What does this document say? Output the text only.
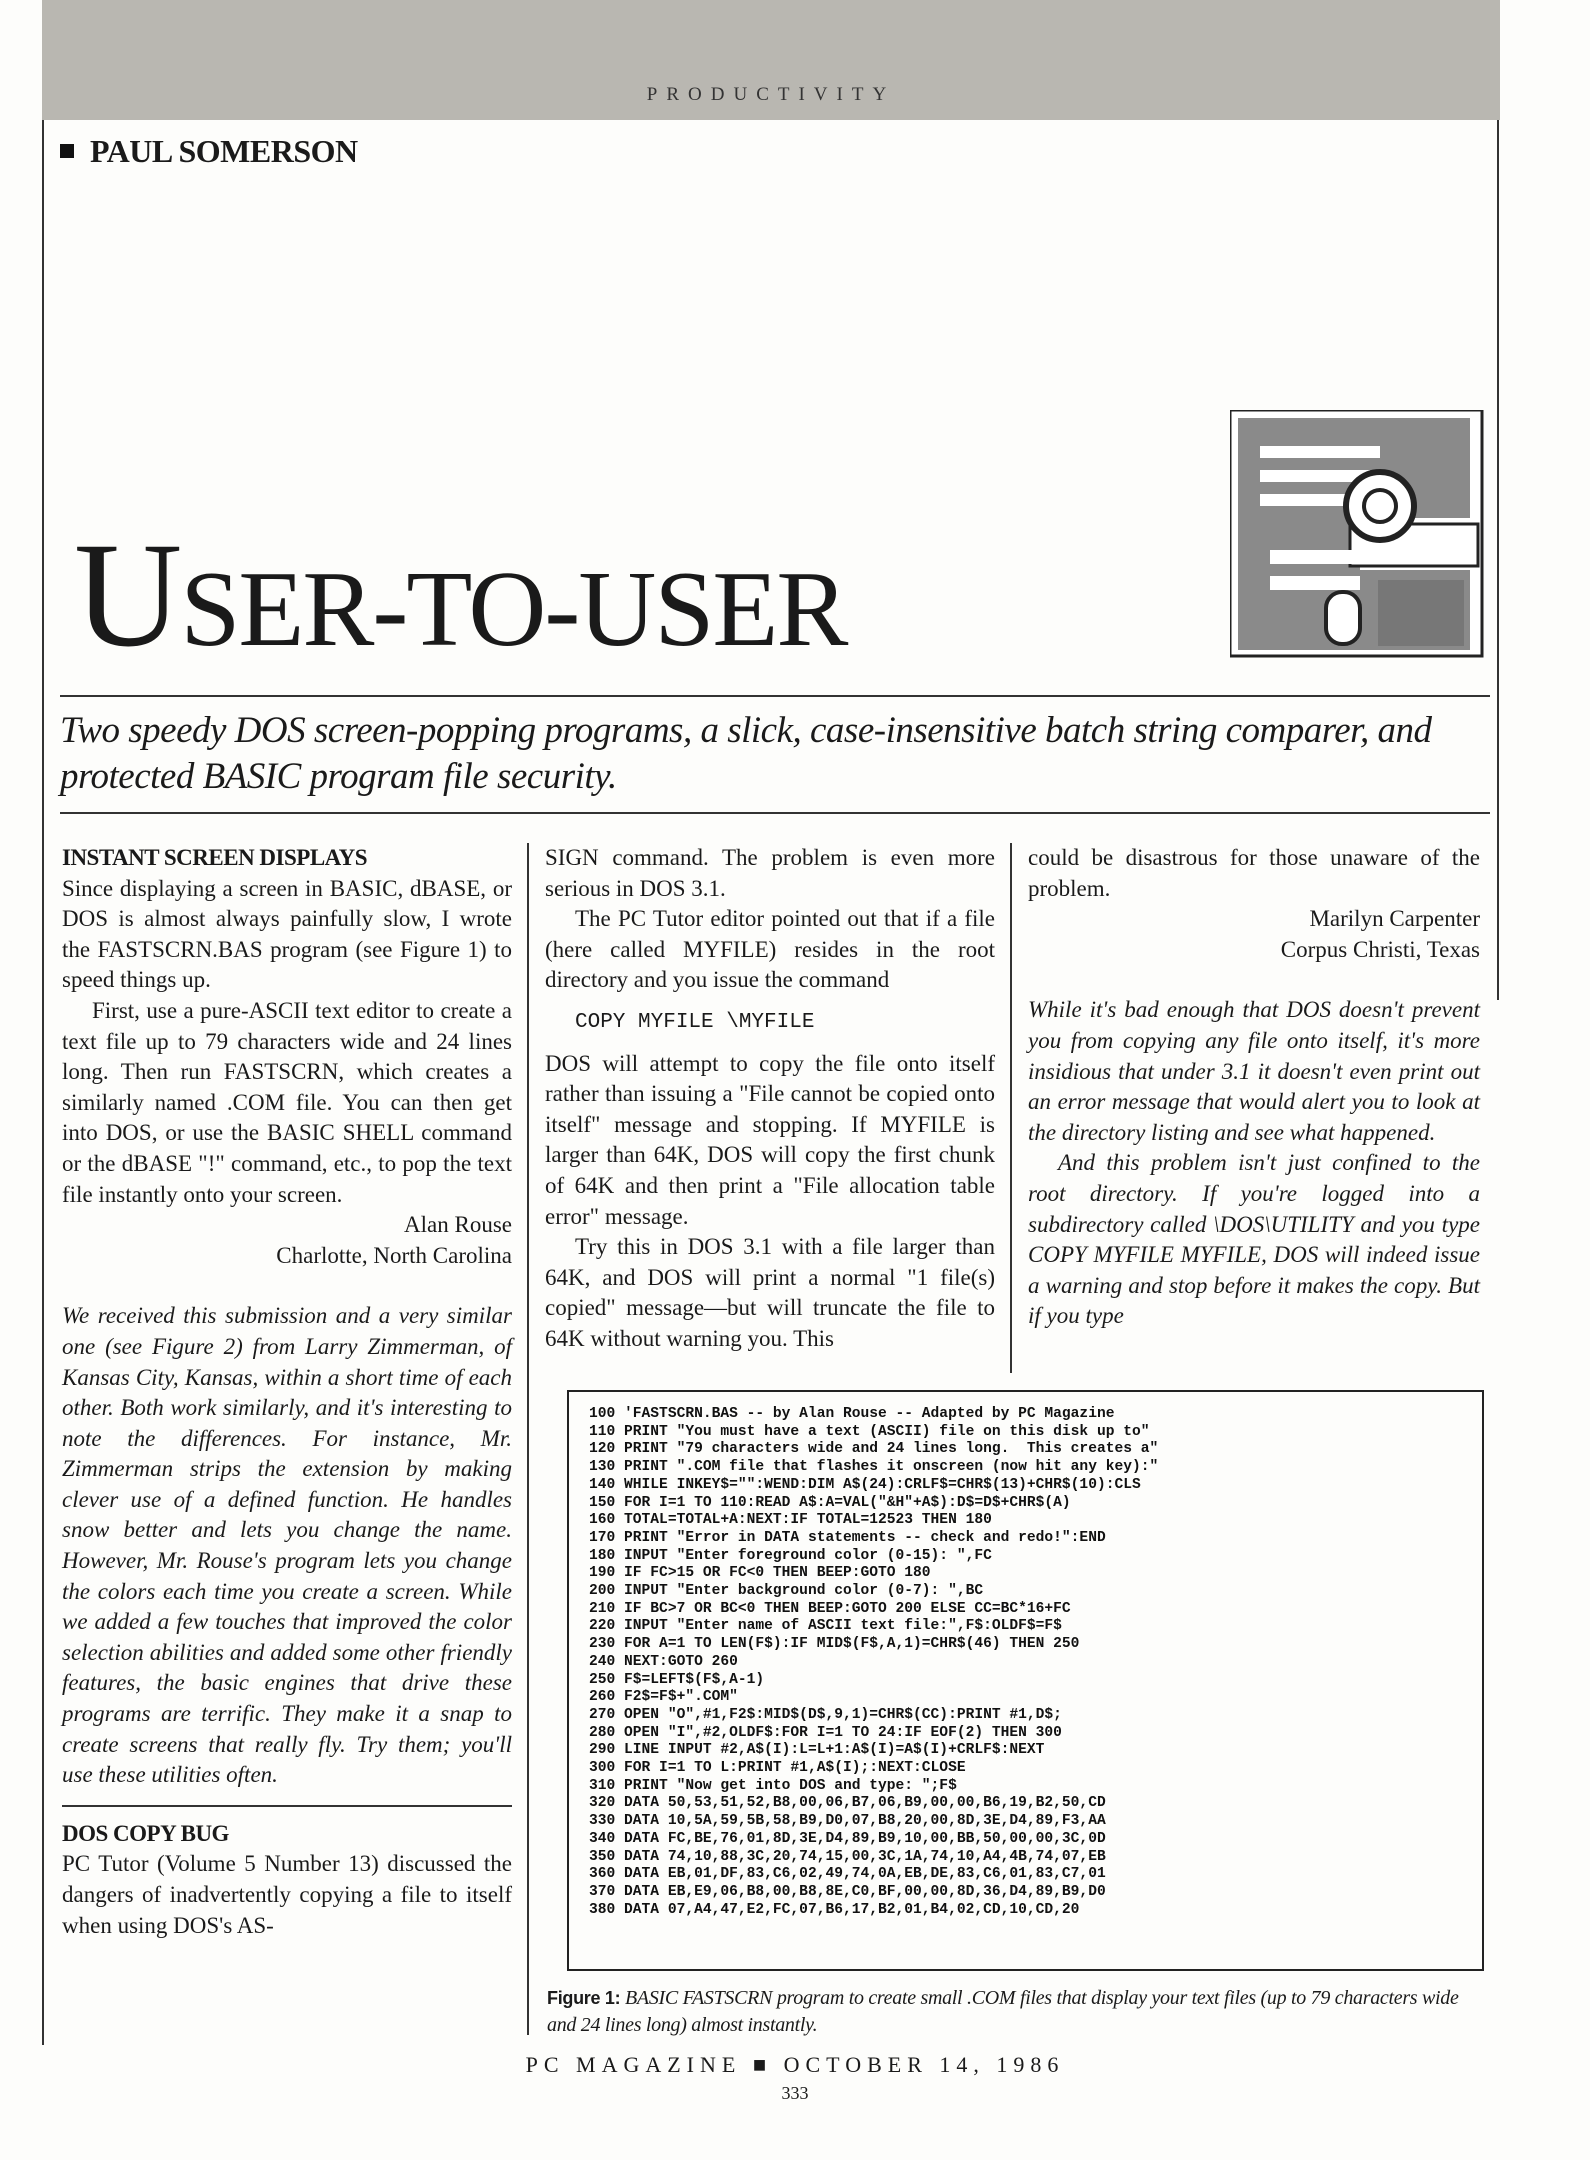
PRODUCTIVITY
PAUL SOMERSON
USER-TO-USER
Two speedy DOS screen-popping programs, a slick, case-insensitive batch string comparer, and protected BASIC program file security.
INSTANT SCREEN DISPLAYS

Since displaying a screen in BASIC, dBASE, or DOS is almost always painfully slow, I wrote the FASTSCRN.BAS program (see Figure 1) to speed things up.

First, use a pure-ASCII text editor to create a text file up to 79 characters wide and 24 lines long. Then run FASTSCRN, which creates a similarly named .COM file. You can then get into DOS, or use the BASIC SHELL command or the dBASE "!" command, etc., to pop the text file instantly onto your screen.

Alan Rouse

Charlotte, North Carolina

We received this submission and a very similar one (see Figure 2) from Larry Zimmerman, of Kansas City, Kansas, within a short time of each other. Both work similarly, and it's interesting to note the differences. For instance, Mr. Zimmerman strips the extension by making clever use of a defined function. He handles snow better and lets you change the name. However, Mr. Rouse's program lets you change the colors each time you create a screen. While we added a few touches that improved the color selection abilities and added some other friendly features, the basic engines that drive these programs are terrific. They make it a snap to create screens that really fly. Try them; you'll use these utilities often.

DOS COPY BUG

PC Tutor (Volume 5 Number 13) discussed the dangers of inadvertently copying a file to itself when using DOS's AS-

SIGN command. The problem is even more serious in DOS 3.1.

The PC Tutor editor pointed out that if a file (here called MYFILE) resides in the root directory and you issue the command

COPY MYFILE \MYFILE

DOS will attempt to copy the file onto itself rather than issuing a "File cannot be copied onto itself" message and stopping. If MYFILE is larger than 64K, DOS will copy the first chunk of 64K and then print a "File allocation table error" message.

Try this in DOS 3.1 with a file larger than 64K, and DOS will print a normal "1 file(s) copied" message—but will truncate the file to 64K without warning you. This

could be disastrous for those unaware of the problem.

Marilyn Carpenter

Corpus Christi, Texas

While it's bad enough that DOS doesn't prevent you from copying any file onto itself, it's more insidious that under 3.1 it doesn't even print out an error message that would alert you to look at the directory listing and see what happened.

And this problem isn't just confined to the root directory. If you're logged into a subdirectory called \DOS\UTILITY and you type COPY MYFILE MYFILE, DOS will indeed issue a warning and stop before it makes the copy. But if you type

100 'FASTSCRN.BAS -- by Alan Rouse -- Adapted by PC Magazine
110 PRINT "You must have a text (ASCII) file on this disk up to"
120 PRINT "79 characters wide and 24 lines long.  This creates a"
130 PRINT ".COM file that flashes it onscreen (now hit any key):"
140 WHILE INKEY$="":WEND:DIM A$(24):CRLF$=CHR$(13)+CHR$(10):CLS
150 FOR I=1 TO 110:READ A$:A=VAL("&H"+A$):D$=D$+CHR$(A)
160 TOTAL=TOTAL+A:NEXT:IF TOTAL=12523 THEN 180
170 PRINT "Error in DATA statements -- check and redo!":END
180 INPUT "Enter foreground color (0-15): ",FC
190 IF FC>15 OR FC<0 THEN BEEP:GOTO 180
200 INPUT "Enter background color (0-7): ",BC
210 IF BC>7 OR BC<0 THEN BEEP:GOTO 200 ELSE CC=BC*16+FC
220 INPUT "Enter name of ASCII text file:",F$:OLDF$=F$
230 FOR A=1 TO LEN(F$):IF MID$(F$,A,1)=CHR$(46) THEN 250
240 NEXT:GOTO 260
250 F$=LEFT$(F$,A-1)
260 F2$=F$+".COM"
270 OPEN "O",#1,F2$:MID$(D$,9,1)=CHR$(CC):PRINT #1,D$;
280 OPEN "I",#2,OLDF$:FOR I=1 TO 24:IF EOF(2) THEN 300
290 LINE INPUT #2,A$(I):L=L+1:A$(I)=A$(I)+CRLF$:NEXT
300 FOR I=1 TO L:PRINT #1,A$(I);:NEXT:CLOSE
310 PRINT "Now get into DOS and type: ";F$
320 DATA 50,53,51,52,B8,00,06,B7,06,B9,00,00,B6,19,B2,50,CD
330 DATA 10,5A,59,5B,58,B9,D0,07,B8,20,00,8D,3E,D4,89,F3,AA
340 DATA FC,BE,76,01,8D,3E,D4,89,B9,10,00,BB,50,00,00,3C,0D
350 DATA 74,10,88,3C,20,74,15,00,3C,1A,74,10,A4,4B,74,07,EB
360 DATA EB,01,DF,83,C6,02,49,74,0A,EB,DE,83,C6,01,83,C7,01
370 DATA EB,E9,06,B8,00,B8,8E,C0,BF,00,00,8D,36,D4,89,B9,D0
380 DATA 07,A4,47,E2,FC,07,B6,17,B2,01,B4,02,CD,10,CD,20

Figure 1: BASIC FASTSCRN program to create small .COM files that display your text files (up to 79 characters wide and 24 lines long) almost instantly.
PC MAGAZINE ■ OCTOBER 14, 1986
333
